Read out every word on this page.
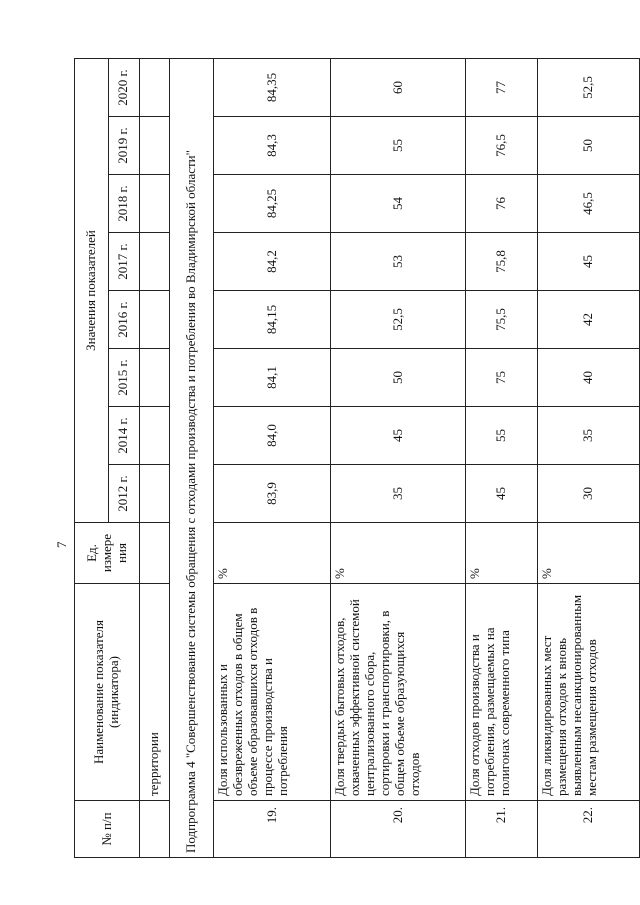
7
№ п/п	Наименование показателя (индикатора)	Ед. измере ния	Значения показателей							
			2012 г.	2014 г.	2015 г.	2016 г.	2017 г.	2018 г.	2019 г.	2020 г.
	территории									
Подпрограмма 4 "Совершенствование системы обращения с отходами производства и потребления во Владимирской области"										
19.	Доля использованных и обезвреженных отходов в общем объеме образовавшихся отходов в процессе производства и потребления	%	83,9	84,0	84,1	84,15	84,2	84,25	84,3	84,35
20.	Доля твердых бытовых отходов, охваченных эффективной системой централизованного сбора, сортировки и транспортировки, в общем объеме образующихся отходов	%	35	45	50	52,5	53	54	55	60
21.	Доля отходов производства и потребления, размещаемых на полигонах современного типа	%	45	55	75	75,5	75,8	76	76,5	77
22.	Доля ликвидированных мест размещения отходов к вновь выявленным несанкционированным местам размещения отходов	%	30	35	40	42	45	46,5	50	52,5
